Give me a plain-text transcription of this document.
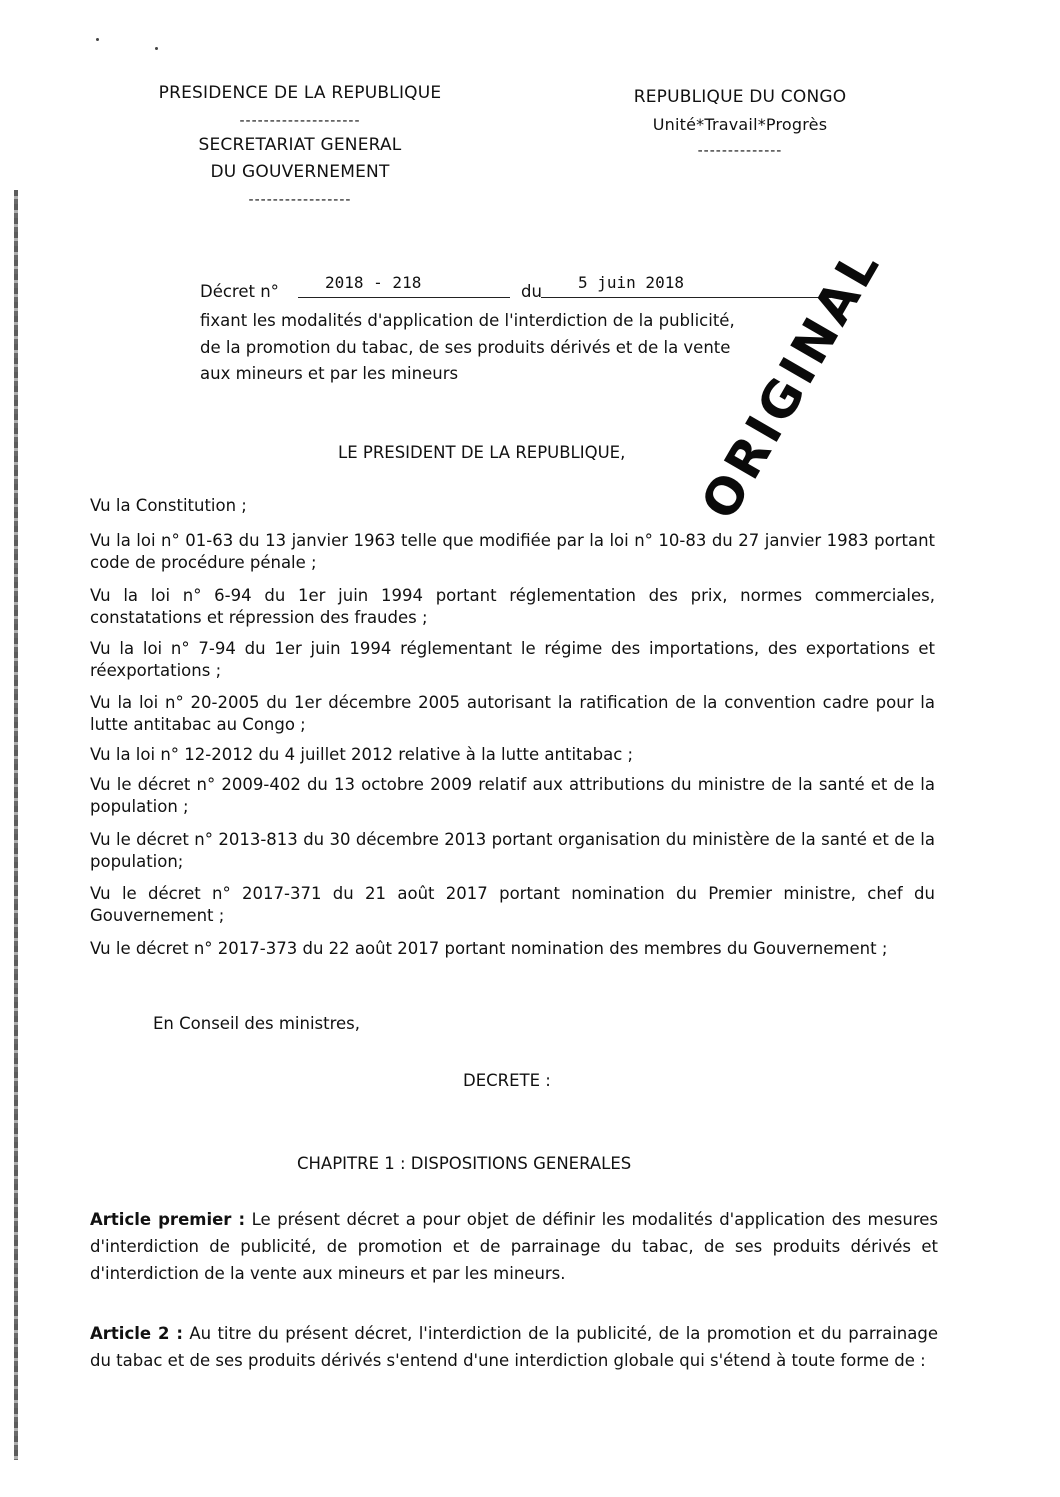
PRESIDENCE DE LA REPUBLIQUE
--------------------
SECRETARIAT GENERAL
DU GOUVERNEMENT
-----------------
REPUBLIQUE DU CONGO
Unité*Travail*Progrès
--------------
Décret n°	2018 - 218	du 5 juin 2018
fixant les modalités d'application de l'interdiction de la publicité,
de la promotion du tabac, de ses produits dérivés et de la vente
aux mineurs et par les mineurs	ORIGINAL
LE PRESIDENT DE LA REPUBLIQUE,
Vu la Constitution ;
Vu la loi n° 01-63 du 13 janvier 1963 telle que modifiée par la loi n° 10-83 du 27 janvier 1983 portant code de procédure pénale ;
Vu la loi n° 6-94 du 1er juin 1994 portant réglementation des prix, normes commerciales, constatations et répression des fraudes ;
Vu la loi n° 7-94 du 1er juin 1994 réglementant le régime des importations, des exportations et réexportations ;
Vu la loi n° 20-2005 du 1er décembre 2005 autorisant la ratification de la convention cadre pour la lutte antitabac au Congo ;
Vu la loi n° 12-2012 du 4 juillet 2012 relative à la lutte antitabac ;
Vu le décret n° 2009-402 du 13 octobre 2009 relatif aux attributions du ministre de la santé et de la population ;
Vu le décret n° 2013-813 du 30 décembre 2013 portant organisation du ministère de la santé et de la population;
Vu le décret n° 2017-371 du 21 août 2017 portant nomination du Premier ministre, chef du Gouvernement ;
Vu le décret n° 2017-373 du 22 août 2017 portant nomination des membres du Gouvernement ;
En Conseil des ministres,
DECRETE :
CHAPITRE 1 : DISPOSITIONS GENERALES
Article premier : Le présent décret a pour objet de définir les modalités d'application des mesures d'interdiction de publicité, de promotion et de parrainage du tabac, de ses produits dérivés et d'interdiction de la vente aux mineurs et par les mineurs.
Article 2 : Au titre du présent décret, l'interdiction de la publicité, de la promotion et du parrainage du tabac et de ses produits dérivés s'entend d'une interdiction globale qui s'étend à toute forme de :
